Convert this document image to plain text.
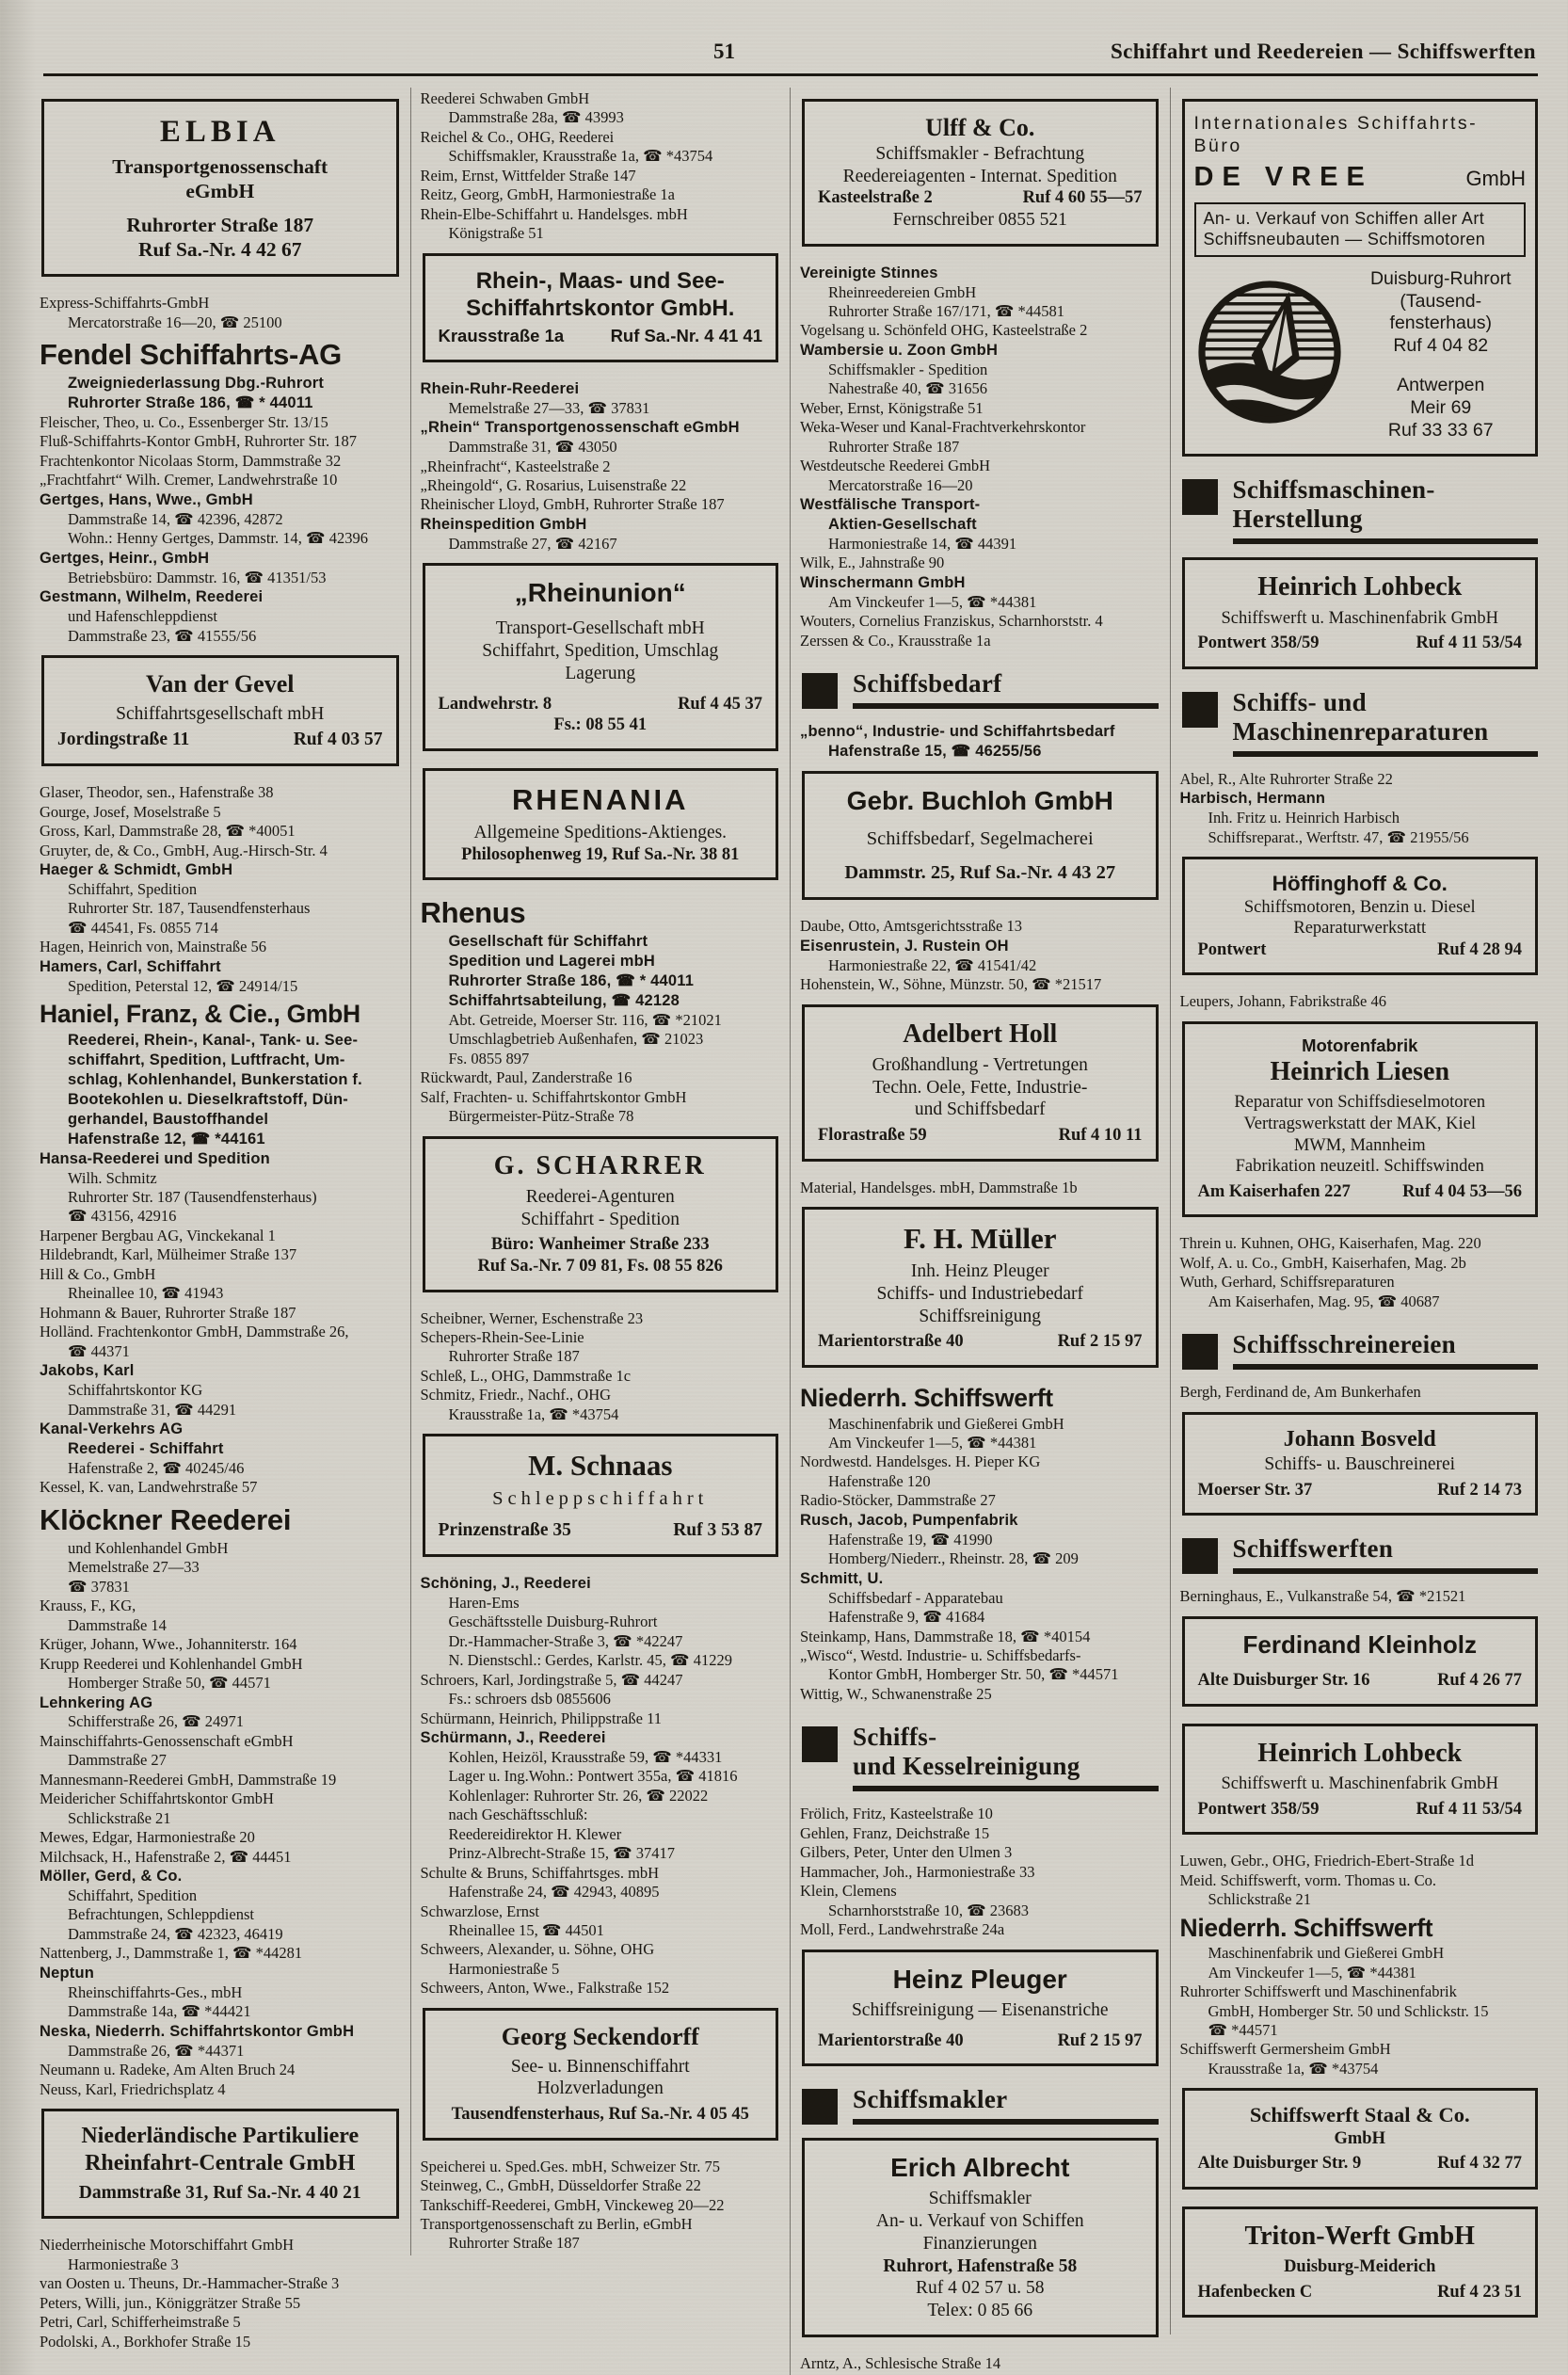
51	Schiffahrt und Reedereien — Schiffswerften
ELBIA
Transportgenossenschaft
eGmbH
Ruhrorter Straße 187
Ruf Sa.-Nr. 4 42 67
Express-Schiffahrts-GmbH
Mercatorstraße 16—20, ☎ 25100
Fendel Schiffahrts-AG
Zweigniederlassung Dbg.-Ruhrort
Ruhrorter Straße 186, ☎ * 44011
Fleischer, Theo, u. Co., Essenberger Str. 13/15
Fluß-Schiffahrts-Kontor GmbH, Ruhrorter Str. 187
Frachtenkontor Nicolaas Storm, Dammstraße 32
„Frachtfahrt“ Wilh. Cremer, Landwehrstraße 10
Gertges, Hans, Wwe., GmbH
Dammstraße 14, ☎ 42396, 42872
Wohn.: Henny Gertges, Dammstr. 14, ☎ 42396
Gertges, Heinr., GmbH
Betriebsbüro: Dammstr. 16, ☎ 41351/53
Gestmann, Wilhelm, Reederei
und Hafenschleppdienst
Dammstraße 23, ☎ 41555/56
Van der Gevel
Schiffahrtsgesellschaft mbH
Jordingstraße 11	Ruf 4 03 57
Glaser, Theodor, sen., Hafenstraße 38
Gourge, Josef, Moselstraße 5
Gross, Karl, Dammstraße 28, ☎ *40051
Gruyter, de, & Co., GmbH, Aug.-Hirsch-Str. 4
Haeger & Schmidt, GmbH
Schiffahrt, Spedition
Ruhrorter Str. 187, Tausendfensterhaus
☎ 44541, Fs. 0855 714
Hagen, Heinrich von, Mainstraße 56
Hamers, Carl, Schiffahrt
Spedition, Peterstal 12, ☎ 24914/15
Haniel, Franz, & Cie., GmbH
Reederei, Rhein-, Kanal-, Tank- u. See-
schiffahrt, Spedition, Luftfracht, Um-
schlag, Kohlenhandel, Bunkerstation f.
Bootekohlen u. Dieselkraftstoff, Dün-
gerhandel, Baustoffhandel
Hafenstraße 12, ☎ *44161
Hansa-Reederei und Spedition
Wilh. Schmitz
Ruhrorter Str. 187 (Tausendfensterhaus)
☎ 43156, 42916
Harpener Bergbau AG, Vinckekanal 1
Hildebrandt, Karl, Mülheimer Straße 137
Hill & Co., GmbH
Rheinallee 10, ☎ 41943
Hohmann & Bauer, Ruhrorter Straße 187
Holländ. Frachtenkontor GmbH, Dammstraße 26,
☎ 44371
Jakobs, Karl
Schiffahrtskontor KG
Dammstraße 31, ☎ 44291
Kanal-Verkehrs AG
Reederei - Schiffahrt
Hafenstraße 2, ☎ 40245/46
Kessel, K. van, Landwehrstraße 57
Klöckner Reederei
und Kohlenhandel GmbH
Memelstraße 27—33
☎ 37831
Krauss, F., KG,
Dammstraße 14
Krüger, Johann, Wwe., Johanniterstr. 164
Krupp Reederei und Kohlenhandel GmbH
Homberger Straße 50, ☎ 44571
Lehnkering AG
Schifferstraße 26, ☎ 24971
Mainschiffahrts-Genossenschaft eGmbH
Dammstraße 27
Mannesmann-Reederei GmbH, Dammstraße 19
Meidericher Schiffahrtskontor GmbH
Schlickstraße 21
Mewes, Edgar, Harmoniestraße 20
Milchsack, H., Hafenstraße 2, ☎ 44451
Möller, Gerd, & Co.
Schiffahrt, Spedition
Befrachtungen, Schleppdienst
Dammstraße 24, ☎ 42323, 46419
Nattenberg, J., Dammstraße 1, ☎ *44281
Neptun
Rheinschiffahrts-Ges., mbH
Dammstraße 14a, ☎ *44421
Neska, Niederrh. Schiffahrtskontor GmbH
Dammstraße 26, ☎ *44371
Neumann u. Radeke, Am Alten Bruch 24
Neuss, Karl, Friedrichsplatz 4
Niederländische Partikuliere
Rheinfahrt-Centrale GmbH
Dammstraße 31, Ruf Sa.-Nr. 4 40 21
Niederrheinische Motorschiffahrt GmbH
Harmoniestraße 3
van Oosten u. Theuns, Dr.-Hammacher-Straße 3
Peters, Willi, jun., Königgrätzer Straße 55
Petri, Carl, Schifferheimstraße 5
Podolski, A., Borkhofer Straße 15
Reederei Schwaben GmbH
Dammstraße 28a, ☎ 43993
Reichel & Co., OHG, Reederei
Schiffsmakler, Krausstraße 1a, ☎ *43754
Reim, Ernst, Wittfelder Straße 147
Reitz, Georg, GmbH, Harmoniestraße 1a
Rhein-Elbe-Schiffahrt u. Handelsges. mbH
Königstraße 51
Rhein-, Maas- und See-
Schiffahrtskontor GmbH.
Krausstraße 1a	Ruf Sa.-Nr. 4 41 41
Rhein-Ruhr-Reederei
Memelstraße 27—33, ☎ 37831
„Rhein“ Transportgenossenschaft eGmbH
Dammstraße 31, ☎ 43050
„Rheinfracht“, Kasteelstraße 2
„Rheingold“, G. Rosarius, Luisenstraße 22
Rheinischer Lloyd, GmbH, Ruhrorter Straße 187
Rheinspedition GmbH
Dammstraße 27, ☎ 42167
„Rheinunion“
Transport-Gesellschaft mbH
Schiffahrt, Spedition, Umschlag
Lagerung
Landwehrstr. 8	Ruf 4 45 37
Fs.: 08 55 41
RHENANIA
Allgemeine Speditions-Aktienges.
Philosophenweg 19, Ruf Sa.-Nr. 38 81
Rhenus
Gesellschaft für Schiffahrt
Spedition und Lagerei mbH
Ruhrorter Straße 186, ☎ * 44011
Schiffahrtsabteilung, ☎ 42128
Abt. Getreide, Moerser Str. 116, ☎ *21021
Umschlagbetrieb Außenhafen, ☎ 21023
Fs. 0855 897
Rückwardt, Paul, Zanderstraße 16
Salf, Frachten- u. Schiffahrtskontor GmbH
Bürgermeister-Pütz-Straße 78
G. SCHARRER
Reederei-Agenturen
Schiffahrt - Spedition
Büro: Wanheimer Straße 233
Ruf Sa.-Nr. 7 09 81, Fs. 08 55 826
Scheibner, Werner, Eschenstraße 23
Schepers-Rhein-See-Linie
Ruhrorter Straße 187
Schleß, L., OHG, Dammstraße 1c
Schmitz, Friedr., Nachf., OHG
Krausstraße 1a, ☎ *43754
M. Schnaas
Schleppschiffahrt
Prinzenstraße 35	Ruf 3 53 87
Schöning, J., Reederei
Haren-Ems
Geschäftsstelle Duisburg-Ruhrort
Dr.-Hammacher-Straße 3, ☎ *42247
N. Dienstschl.: Gerdes, Karlstr. 45, ☎ 41229
Schroers, Karl, Jordingstraße 5, ☎ 44247
Fs.: schroers dsb 0855606
Schürmann, Heinrich, Philippstraße 11
Schürmann, J., Reederei
Kohlen, Heizöl, Krausstraße 59, ☎ *44331
Lager u. Ing.Wohn.: Pontwert 355a, ☎ 41816
Kohlenlager: Ruhrorter Str. 26, ☎ 22022
nach Geschäftsschluß:
Reedereidirektor H. Klewer
Prinz-Albrecht-Straße 15, ☎ 37417
Schulte & Bruns, Schiffahrtsges. mbH
Hafenstraße 24, ☎ 42943, 40895
Schwarzlose, Ernst
Rheinallee 15, ☎ 44501
Schweers, Alexander, u. Söhne, OHG
Harmoniestraße 5
Schweers, Anton, Wwe., Falkstraße 152
Georg Seckendorff
See- u. Binnenschiffahrt
Holzverladungen
Tausendfensterhaus, Ruf Sa.-Nr. 4 05 45
Speicherei u. Sped.Ges. mbH, Schweizer Str. 75
Steinweg, C., GmbH, Düsseldorfer Straße 22
Tankschiff-Reederei, GmbH, Vinckeweg 20—22
Transportgenossenschaft zu Berlin, eGmbH
Ruhrorter Straße 187
Ulff & Co.
Schiffsmakler - Befrachtung
Reedereiagenten - Internat. Spedition
Kasteelstraße 2	Ruf 4 60 55—57
Fernschreiber 0855 521
Vereinigte Stinnes
Rheinreedereien GmbH
Ruhrorter Straße 167/171, ☎ *44581
Vogelsang u. Schönfeld OHG, Kasteelstraße 2
Wambersie u. Zoon GmbH
Schiffsmakler - Spedition
Nahestraße 40, ☎ 31656
Weber, Ernst, Königstraße 51
Weka-Weser und Kanal-Frachtverkehrskontor
Ruhrorter Straße 187
Westdeutsche Reederei GmbH
Mercatorstraße 16—20
Westfälische Transport-
Aktien-Gesellschaft
Harmoniestraße 14, ☎ 44391
Wilk, E., Jahnstraße 90
Winschermann GmbH
Am Vinckeufer 1—5, ☎ *44381
Wouters, Cornelius Franziskus, Scharnhorststr. 4
Zerssen & Co., Krausstraße 1a
Schiffsbedarf
„benno“, Industrie- und Schiffahrtsbedarf
Hafenstraße 15, ☎ 46255/56
Gebr. Buchloh GmbH
Schiffsbedarf, Segelmacherei
Dammstr. 25, Ruf Sa.-Nr. 4 43 27
Daube, Otto, Amtsgerichtsstraße 13
Eisenrustein, J. Rustein OH
Harmoniestraße 22, ☎ 41541/42
Hohenstein, W., Söhne, Münzstr. 50, ☎ *21517
Adelbert Holl
Großhandlung - Vertretungen
Techn. Oele, Fette, Industrie-
und Schiffsbedarf
Florastraße 59	Ruf 4 10 11
Material, Handelsges. mbH, Dammstraße 1b
F. H. Müller
Inh. Heinz Pleuger
Schiffs- und Industriebedarf
Schiffsreinigung
Marientorstraße 40	Ruf 2 15 97
Niederrh. Schiffswerft
Maschinenfabrik und Gießerei GmbH
Am Vinckeufer 1—5, ☎ *44381
Nordwestd. Handelsges. H. Pieper KG
Hafenstraße 120
Radio-Stöcker, Dammstraße 27
Rusch, Jacob, Pumpenfabrik
Hafenstraße 19, ☎ 41990
Homberg/Niederr., Rheinstr. 28, ☎ 209
Schmitt, U.
Schiffsbedarf - Apparatebau
Hafenstraße 9, ☎ 41684
Steinkamp, Hans, Dammstraße 18, ☎ *40154
„Wisco“, Westd. Industrie- u. Schiffsbedarfs-
Kontor GmbH, Homberger Str. 50, ☎ *44571
Wittig, W., Schwanenstraße 25
Schiffs-
und Kesselreinigung
Frölich, Fritz, Kasteelstraße 10
Gehlen, Franz, Deichstraße 15
Gilbers, Peter, Unter den Ulmen 3
Hammacher, Joh., Harmoniestraße 33
Klein, Clemens
Scharnhorststraße 10, ☎ 23683
Moll, Ferd., Landwehrstraße 24a
Heinz Pleuger
Schiffsreinigung — Eisenanstriche
Marientorstraße 40	Ruf 2 15 97
Schiffsmakler
Erich Albrecht
Schiffsmakler
An- u. Verkauf von Schiffen
Finanzierungen
Ruhrort, Hafenstraße 58
Ruf 4 02 57 u. 58
Telex: 0 85 66
Arntz, A., Schlesische Straße 14
Internationales Schiffahrts-Büro
DE VREE	GmbH
An- u. Verkauf von Schiffen aller Art
Schiffsneubauten — Schiffsmotoren
Duisburg-Ruhrort
(Tausend-
fensterhaus)
Ruf 4 04 82
Antwerpen
Meir 69
Ruf 33 33 67
Schiffsmaschinen-
Herstellung
Heinrich Lohbeck
Schiffswerft u. Maschinenfabrik GmbH
Pontwert 358/59	Ruf 4 11 53/54
Schiffs- und
Maschinenreparaturen
Abel, R., Alte Ruhrorter Straße 22
Harbisch, Hermann
Inh. Fritz u. Heinrich Harbisch
Schiffsreparat., Werftstr. 47, ☎ 21955/56
Höffinghoff & Co.
Schiffsmotoren, Benzin u. Diesel
Reparaturwerkstatt
Pontwert	Ruf 4 28 94
Leupers, Johann, Fabrikstraße 46
Motorenfabrik
Heinrich Liesen
Reparatur von Schiffsdieselmotoren
Vertragswerkstatt der MAK, Kiel
MWM, Mannheim
Fabrikation neuzeitl. Schiffswinden
Am Kaiserhafen 227	Ruf 4 04 53—56
Threin u. Kuhnen, OHG, Kaiserhafen, Mag. 220
Wolf, A. u. Co., GmbH, Kaiserhafen, Mag. 2b
Wuth, Gerhard, Schiffsreparaturen
Am Kaiserhafen, Mag. 95, ☎ 40687
Schiffsschreinereien
Bergh, Ferdinand de, Am Bunkerhafen
Johann Bosveld
Schiffs- u. Bauschreinerei
Moerser Str. 37	Ruf 2 14 73
Schiffswerften
Berninghaus, E., Vulkanstraße 54, ☎ *21521
Ferdinand Kleinholz
Alte Duisburger Str. 16	Ruf 4 26 77
Heinrich Lohbeck
Schiffswerft u. Maschinenfabrik GmbH
Pontwert 358/59	Ruf 4 11 53/54
Luwen, Gebr., OHG, Friedrich-Ebert-Straße 1d
Meid. Schiffswerft, vorm. Thomas u. Co.
Schlickstraße 21
Niederrh. Schiffswerft
Maschinenfabrik und Gießerei GmbH
Am Vinckeufer 1—5, ☎ *44381
Ruhrorter Schiffswerft und Maschinenfabrik
GmbH, Homberger Str. 50 und Schlickstr. 15
☎ *44571
Schiffswerft Germersheim GmbH
Krausstraße 1a, ☎ *43754
Schiffswerft Staal & Co.
GmbH
Alte Duisburger Str. 9	Ruf 4 32 77
Triton-Werft GmbH
Duisburg-Meiderich
Hafenbecken C	Ruf 4 23 51
